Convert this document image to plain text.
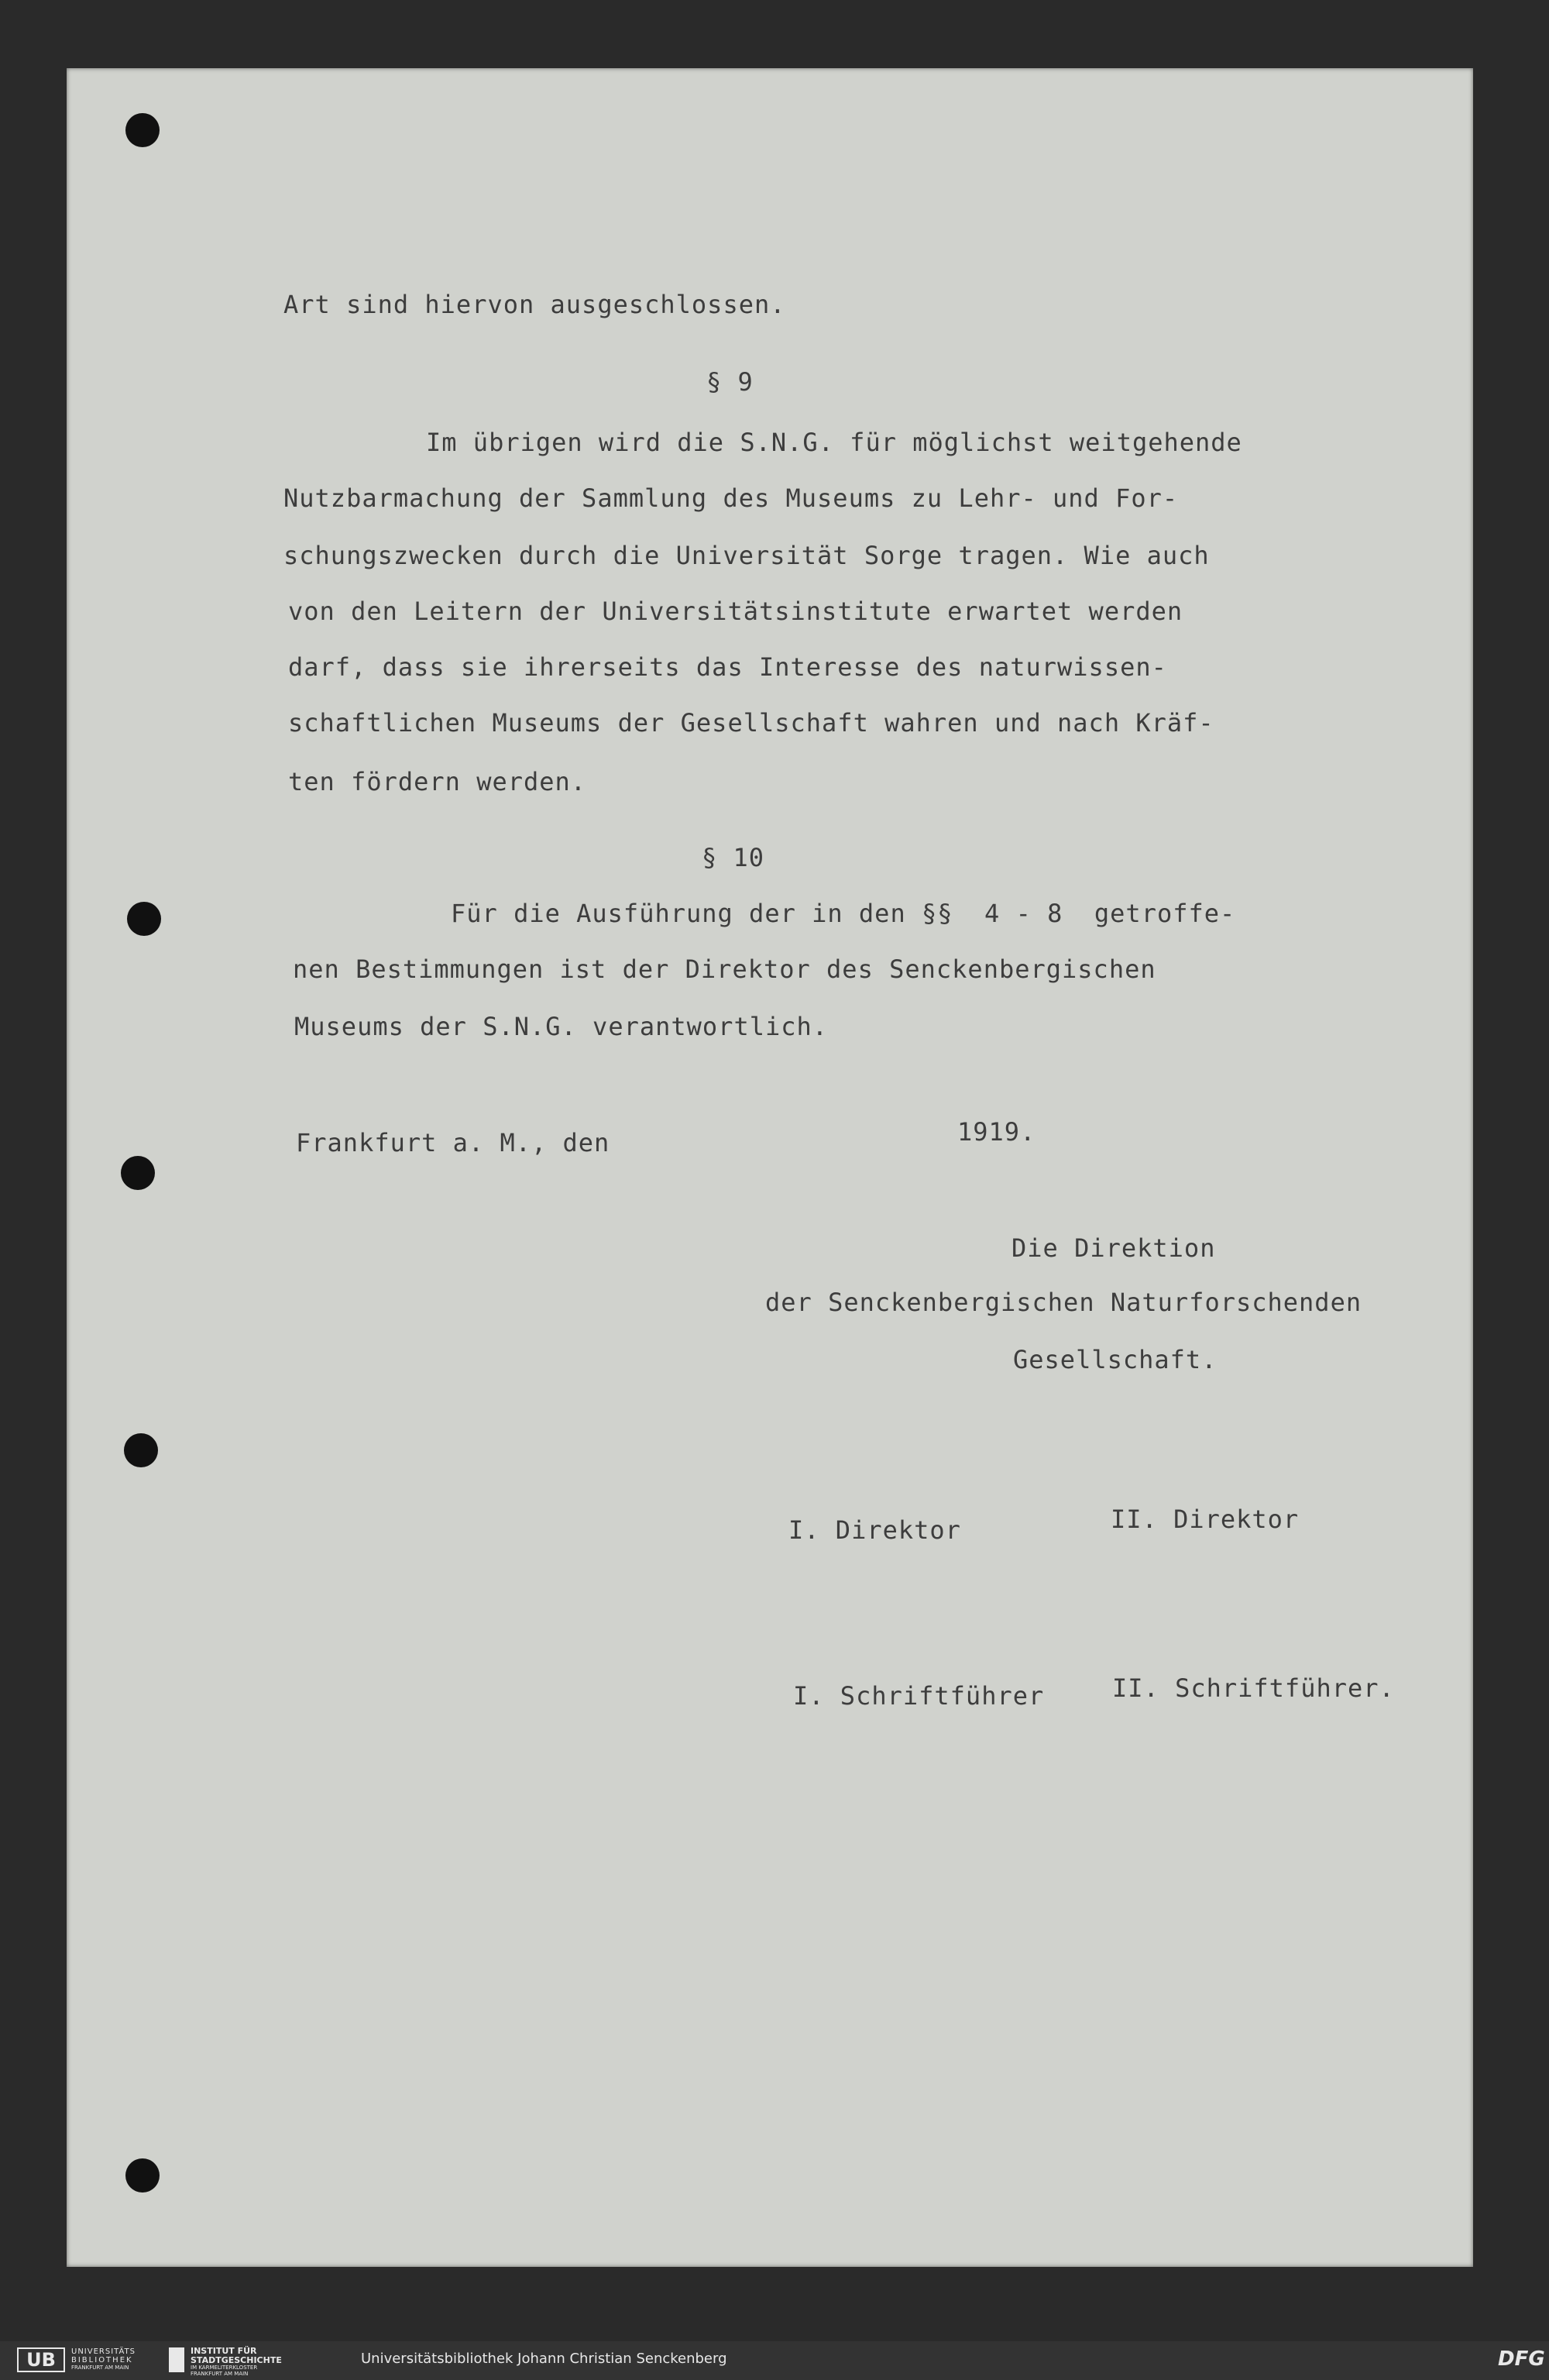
Art sind hiervon ausgeschlossen.
§ 9
Im übrigen wird die S.N.G. für möglichst weitgehende
Nutzbarmachung der Sammlung des Museums zu Lehr- und For-
schungszwecken durch die Universität Sorge tragen. Wie auch
von den Leitern der Universitätsinstitute erwartet werden
darf, dass sie ihrerseits das Interesse des naturwissen-
schaftlichen Museums der Gesellschaft wahren und nach Kräf-
ten fördern werden.
§ 10
Für die Ausführung der in den §§  4 - 8  getroffe-
nen Bestimmungen ist der Direktor des Senckenbergischen
Museums der S.N.G. verantwortlich.
Frankfurt a. M., den	1919.
Die Direktion
der Senckenbergischen Naturforschenden
Gesellschaft.
I. Direktor	II. Direktor
I. Schriftführer	II. Schriftführer.
UB	UNIVERSITÄTS
BIBLIOTHEK
FRANKFURT AM MAIN
INSTITUT FÜR
STADTGESCHICHTE
IM KARMELITERKLOSTER
FRANKFURT AM MAIN
Universitätsbibliothek Johann Christian Senckenberg	DFG
